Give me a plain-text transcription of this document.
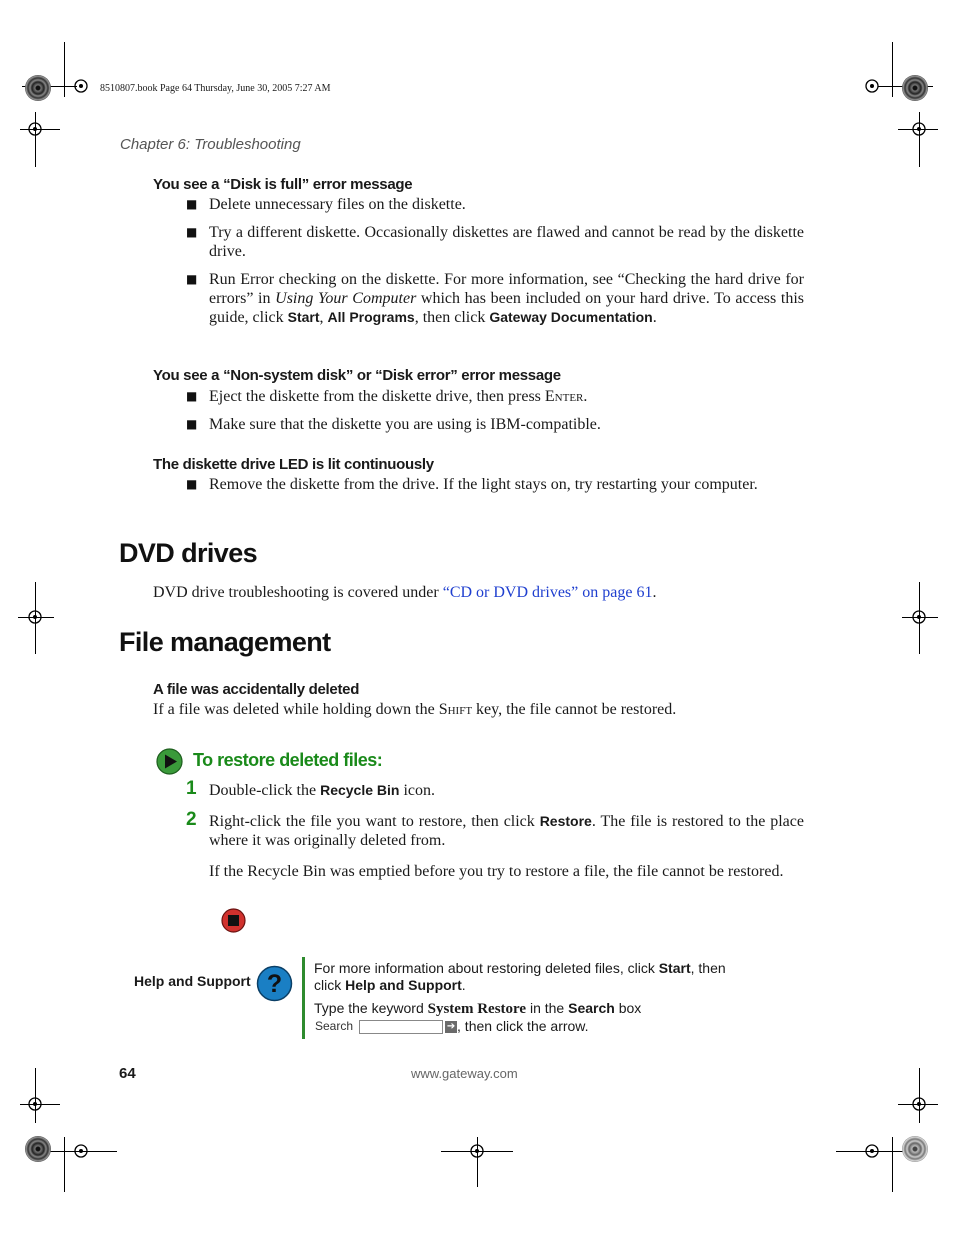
8510807.book Page 64 Thursday, June 30, 2005 7:27 AM
Chapter 6: Troubleshooting
You see a “Disk is full” error message
■ Delete unnecessary files on the diskette.
■ Try a different diskette. Occasionally diskettes are flawed and cannot be read by the diskette drive.
■ Run Error checking on the diskette. For more information, see “Checking the hard drive for errors” in Using Your Computer which has been included on your hard drive. To access this guide, click Start, All Programs, then click Gateway Documentation.
You see a “Non-system disk” or “Disk error” error message
■ Eject the diskette from the diskette drive, then press Enter.
■ Make sure that the diskette you are using is IBM-compatible.
The diskette drive LED is lit continuously
■ Remove the diskette from the drive. If the light stays on, try restarting your computer.
DVD drives
DVD drive troubleshooting is covered under “CD or DVD drives” on page 61.
File management
A file was accidentally deleted
If a file was deleted while holding down the Shift key, the file cannot be restored.
To restore deleted files:
1 Double-click the Recycle Bin icon.
2 Right-click the file you want to restore, then click Restore. The file is restored to the place where it was originally deleted from.
If the Recycle Bin was emptied before you try to restore a file, the file cannot be restored.
Help and Support ?
For more information about restoring deleted files, click Start, then click Help and Support.
Type the keyword System Restore in the Search box
Search	➔ , then click the arrow.
64	www.gateway.com
